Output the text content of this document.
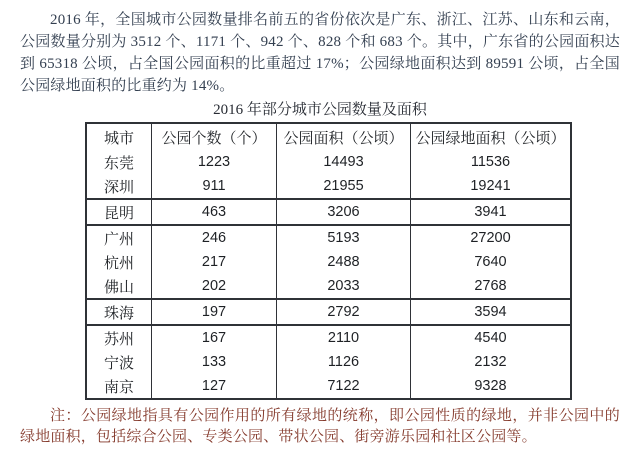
2016 年，全国城市公园数量排名前五的省份依次是广东、浙江、江苏、山东和云南，公园数量分别为 3512 个、1171 个、942 个、828 个和 683 个。其中，广东省的公园面积达到 65318 公顷，占全国公园面积的比重超过 17%；公园绿地面积达到 89591 公顷，占全国公园绿地面积的比重约为 14%。

2016 年部分城市公园数量及面积
城市	公园个数（个）	公园面积（公顷）	公园绿地面积（公顷）
东莞	1223	14493	11536
深圳	911	21955	19241
昆明	463	3206	3941
广州	246	5193	27200
杭州	217	2488	7640
佛山	202	2033	2768
珠海	197	2792	3594
苏州	167	2110	4540
宁波	133	1126	2132
南京	127	7122	9328

注：公园绿地指具有公园作用的所有绿地的统称，即公园性质的绿地，并非公园中的绿地面积，包括综合公园、专类公园、带状公园、街旁游乐园和社区公园等。
